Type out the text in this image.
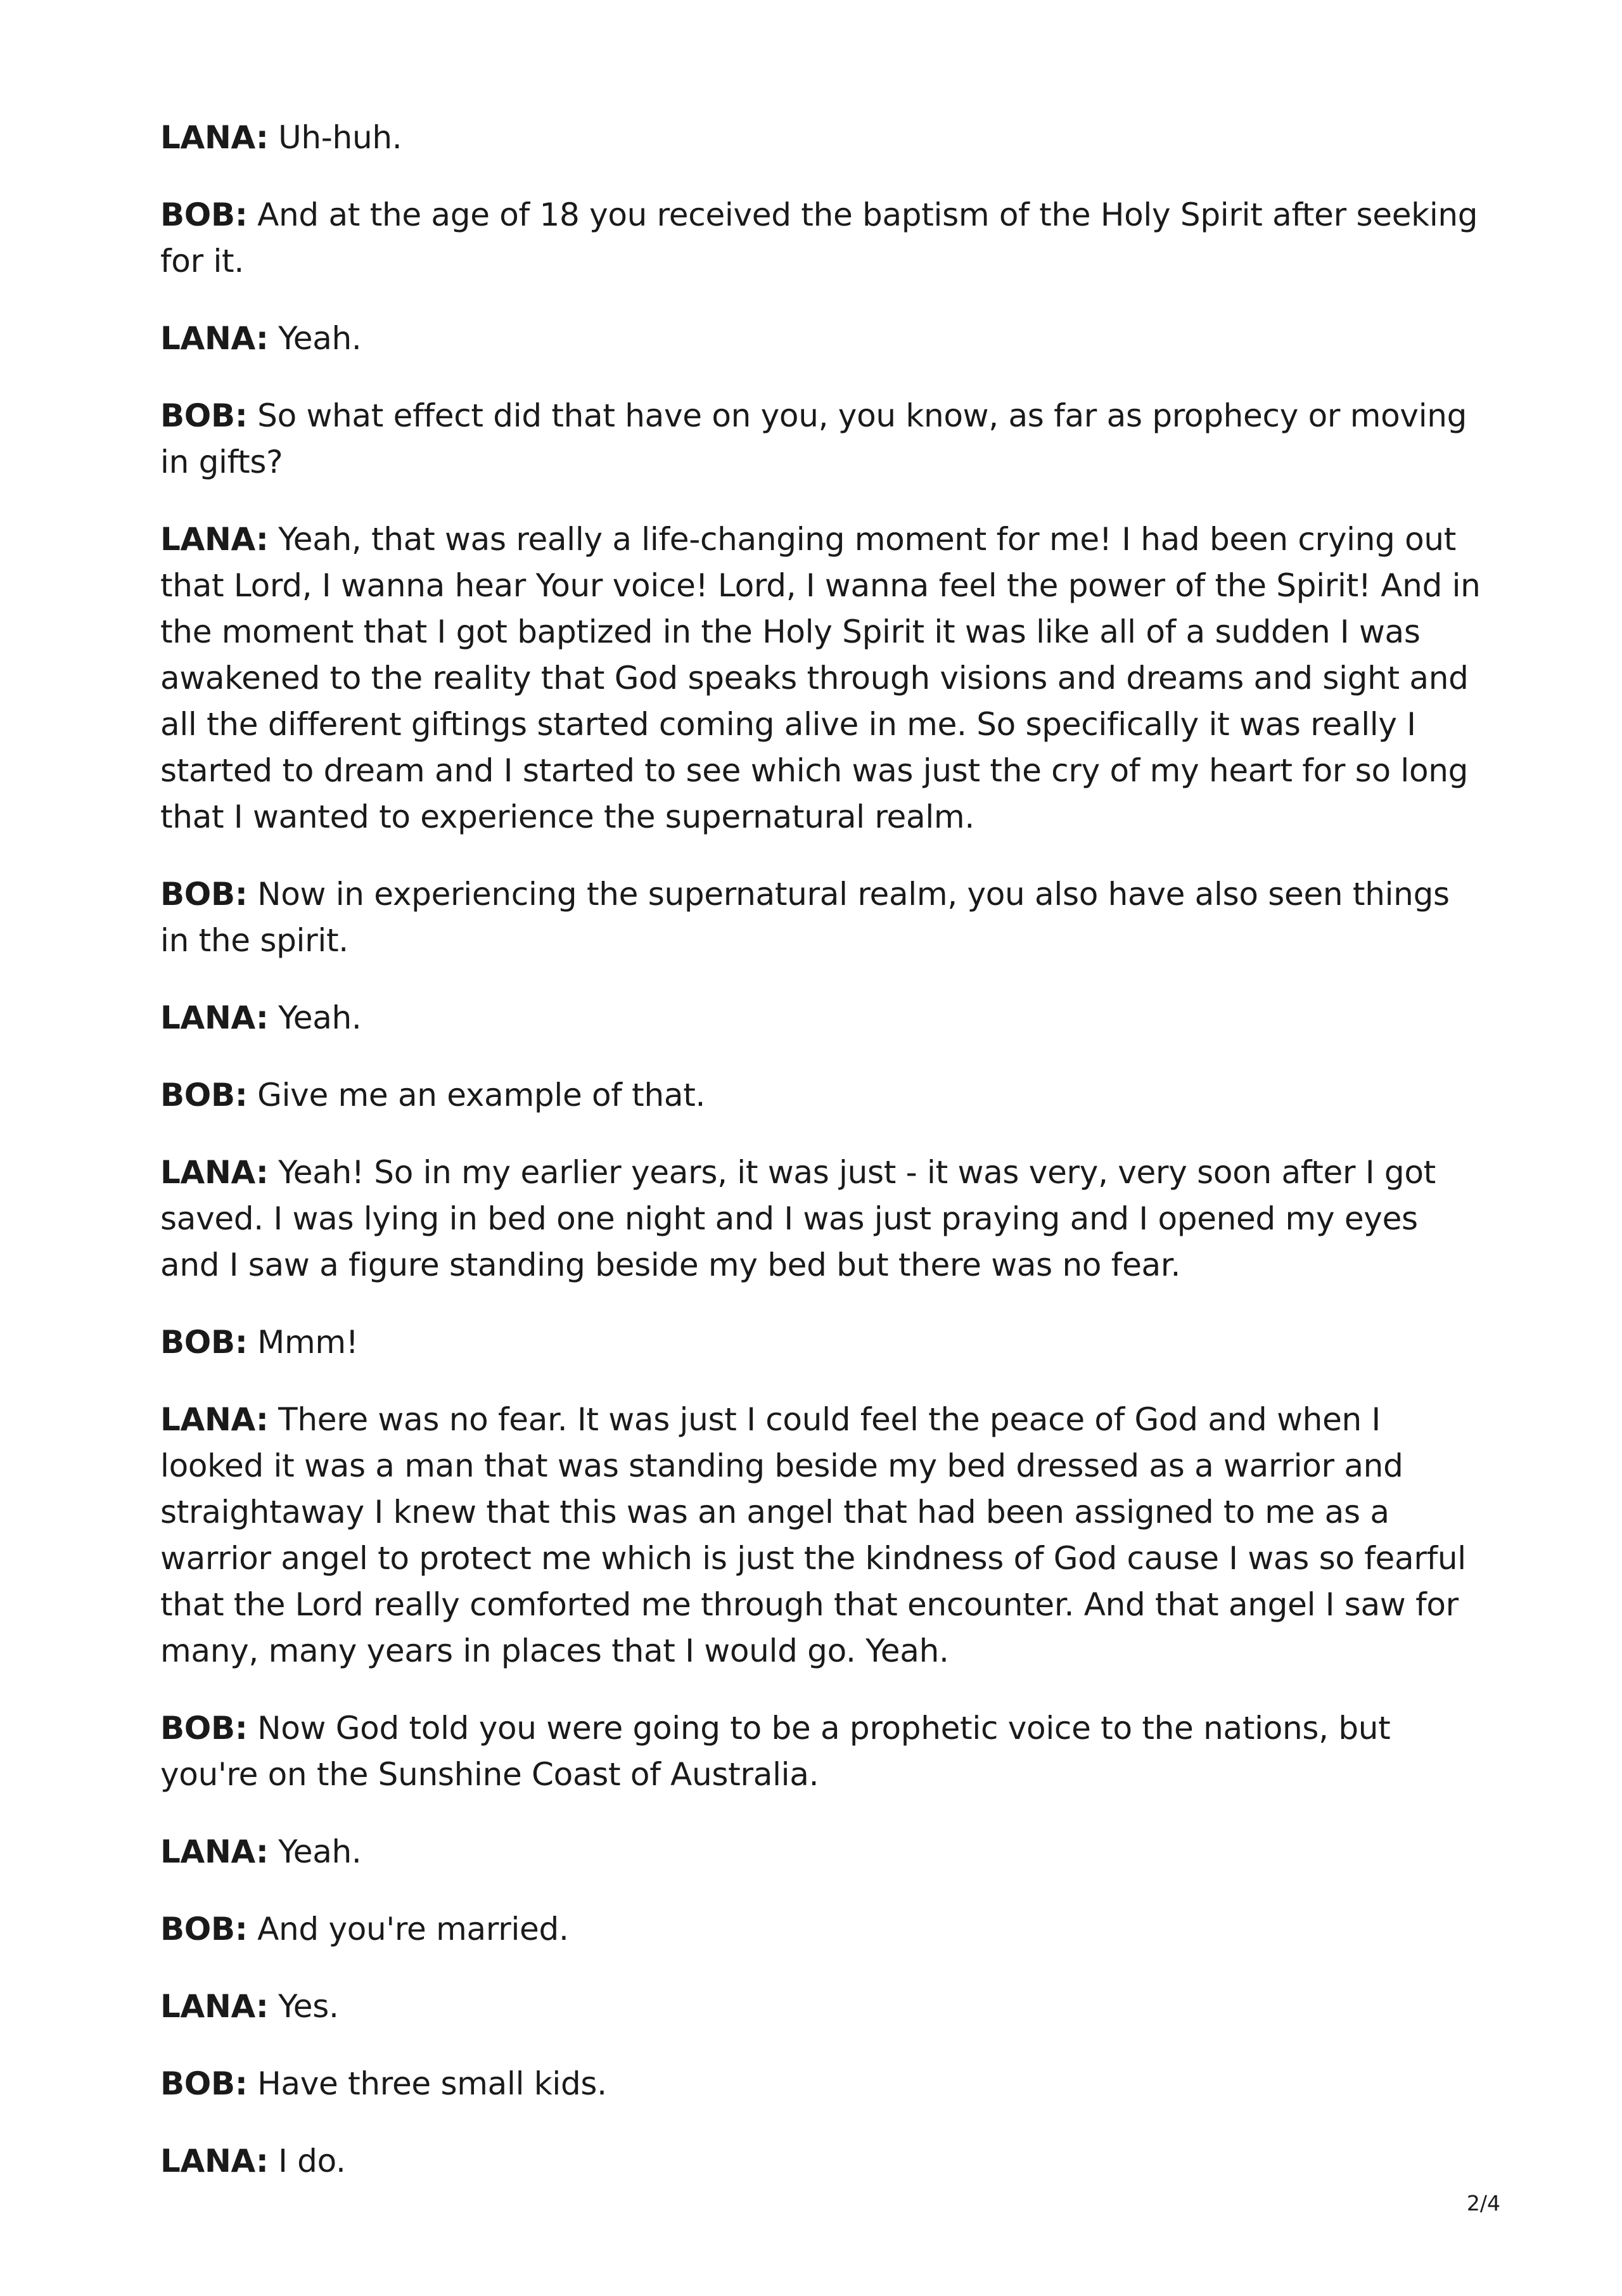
LANA: Uh-huh.

BOB: And at the age of 18 you received the baptism of the Holy Spirit after seeking for it.

LANA: Yeah.

BOB: So what effect did that have on you, you know, as far as prophecy or moving in gifts?

LANA: Yeah, that was really a life-changing moment for me! I had been crying out that Lord, I wanna hear Your voice! Lord, I wanna feel the power of the Spirit! And in the moment that I got baptized in the Holy Spirit it was like all of a sudden I was awakened to the reality that God speaks through visions and dreams and sight and all the different giftings started coming alive in me. So specifically it was really I started to dream and I started to see which was just the cry of my heart for so long that I wanted to experience the supernatural realm.

BOB: Now in experiencing the supernatural realm, you also have also seen things in the spirit.

LANA: Yeah.

BOB: Give me an example of that.

LANA: Yeah! So in my earlier years, it was just - it was very, very soon after I got saved. I was lying in bed one night and I was just praying and I opened my eyes and I saw a figure standing beside my bed but there was no fear.

BOB: Mmm!

LANA: There was no fear. It was just I could feel the peace of God and when I looked it was a man that was standing beside my bed dressed as a warrior and straightaway I knew that this was an angel that had been assigned to me as a warrior angel to protect me which is just the kindness of God cause I was so fearful that the Lord really comforted me through that encounter. And that angel I saw for many, many years in places that I would go. Yeah.

BOB: Now God told you were going to be a prophetic voice to the nations, but you're on the Sunshine Coast of Australia.

LANA: Yeah.

BOB: And you're married.

LANA: Yes.

BOB: Have three small kids.

LANA: I do.

2/4
